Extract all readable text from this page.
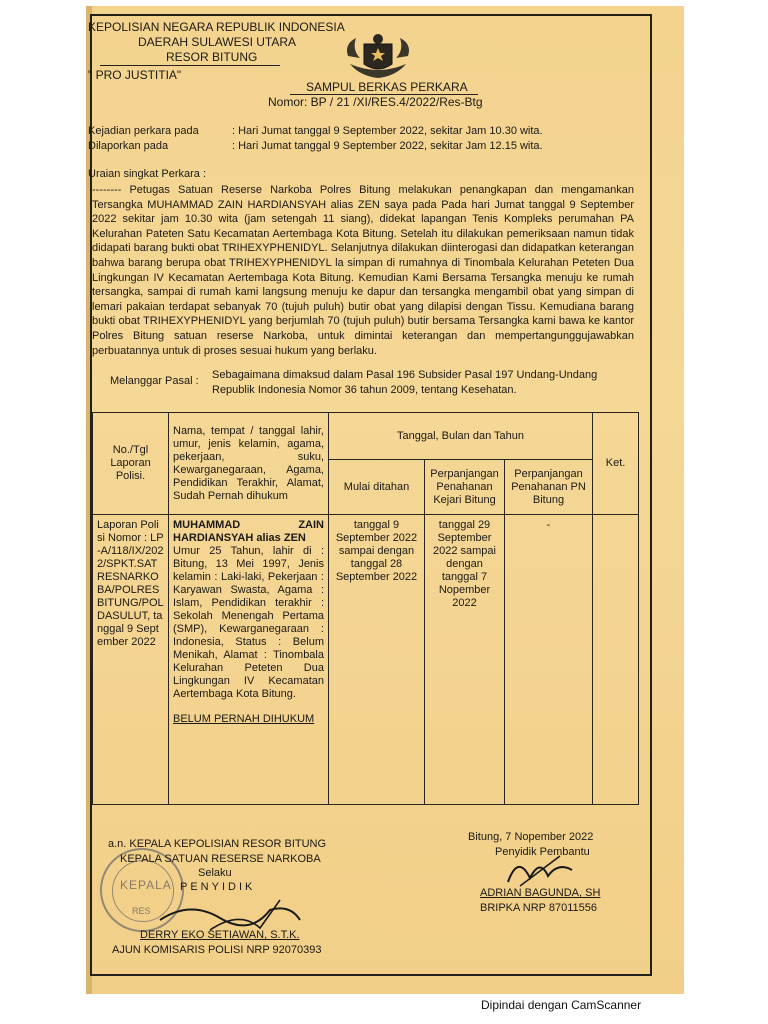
KEPOLISIAN NEGARA REPUBLIK INDONESIA
DAERAH SULAWESI UTARA
RESOR BITUNG
" PRO JUSTITIA"
SAMPUL BERKAS PERKARA
Nomor: BP / 21 /XI/RES.4/2022/Res-Btg
Kejadian perkara pada	: Hari Jumat tanggal 9 September 2022, sekitar Jam 10.30 wita.
Dilaporkan pada	: Hari Jumat tanggal 9 September 2022, sekitar Jam 12.15 wita.
Uraian singkat Perkara :
-------- Petugas Satuan Reserse Narkoba Polres Bitung melakukan penangkapan dan mengamankan Tersangka MUHAMMAD ZAIN HARDIANSYAH alias ZEN saya pada Pada hari Jumat tanggal 9 September 2022 sekitar jam 10.30 wita (jam setengah 11 siang), didekat lapangan Tenis Kompleks perumahan PA Kelurahan Pateten Satu Kecamatan Aertembaga Kota Bitung. Setelah itu dilakukan pemeriksaan namun tidak didapati barang bukti obat TRIHEXYPHENIDYL. Selanjutnya dilakukan diinterogasi dan didapatkan keterangan bahwa barang berupa obat TRIHEXYPHENIDYL la simpan di rumahnya di Tinombala Kelurahan Peteten Dua Lingkungan IV Kecamatan Aertembaga Kota Bitung. Kemudian Kami Bersama Tersangka menuju ke rumah tersangka, sampai di rumah kami langsung menuju ke dapur dan tersangka mengambil obat yang simpan di lemari pakaian terdapat sebanyak 70 (tujuh puluh) butir obat yang dilapisi dengan Tissu. Kemudiana barang bukti obat TRIHEXYPHENIDYL yang berjumlah 70 (tujuh puluh) butir bersama Tersangka kami bawa ke kantor Polres Bitung satuan reserse Narkoba, untuk dimintai keterangan dan mempertangunggujawabkan perbuatannya untuk di proses sesuai hukum yang berlaku.
Melanggar Pasal : Sebagaimana dimaksud dalam Pasal 196 Subsider Pasal 197 Undang-Undang Republik Indonesia Nomor 36 tahun 2009, tentang Kesehatan.
No./Tgl Laporan Polisi.	Nama, tempat / tanggal lahir, umur, jenis kelamin, agama, pekerjaan, suku, Kewarganegaraan, Agama, Pendidikan Terakhir, Alamat, Sudah Pernah dihukum	Tanggal, Bulan dan Tahun			Ket.
		Mulai ditahan	Perpanjangan Penahanan Kejari Bitung	Perpanjangan Penahanan PN Bitung	
Laporan Polisi Nomor : LP-A/118/IX/2022/SPKT.SATRESNARKOBA/POLRES BITUNG/POLDASULUT, tanggal 9 September 2022	MUHAMMAD ZAIN HARDIANSYAH alias ZEN
Umur 25 Tahun, lahir di : Bitung, 13 Mei 1997, Jenis kelamin : Laki-laki, Pekerjaan : Karyawan Swasta, Agama : Islam, Pendidikan terakhir : Sekolah Menengah Pertama (SMP), Kewarganegaraan : Indonesia, Status : Belum Menikah, Alamat : Tinombala Kelurahan Peteten Dua Lingkungan IV Kecamatan Aertembaga Kota Bitung.
BELUM PERNAH DIHUKUM	tanggal 9 September 2022 sampai dengan tanggal 28 September 2022	tanggal 29 September 2022 sampai dengan tanggal 7 Nopember 2022	-	
KEPALA
RES
a.n. KEPALA KEPOLISIAN RESOR BITUNG
KEPALA SATUAN RESERSE NARKOBA
Selaku
PENYIDIK
DERRY EKO SETIAWAN, S.T.K.
AJUN KOMISARIS POLISI NRP 92070393
Bitung, 7 Nopember 2022
Penyidik Pembantu
ADRIAN BAGUNDA, SH
BRIPKA NRP 87011556
Dipindai dengan CamScanner
